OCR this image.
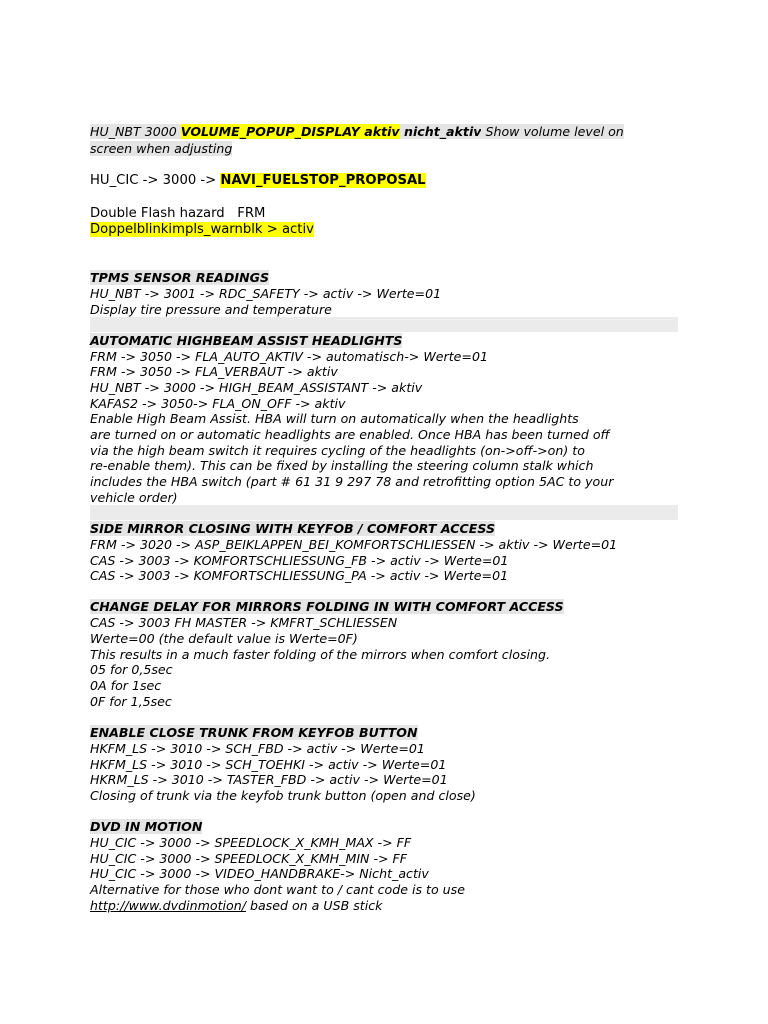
HU_NBT 3000 VOLUME_POPUP_DISPLAY aktiv nicht_aktiv Show volume level on
screen when adjusting
HU_CIC -> 3000 -> NAVI_FUELSTOP_PROPOSAL
Double Flash hazard   FRM
Doppelblinkimpls_warnblk > activ
TPMS SENSOR READINGS
HU_NBT -> 3001 -> RDC_SAFETY -> activ -> Werte=01
Display tire pressure and temperature
AUTOMATIC HIGHBEAM ASSIST HEADLIGHTS
FRM -> 3050 -> FLA_AUTO_AKTIV -> automatisch-> Werte=01
FRM -> 3050 -> FLA_VERBAUT -> aktiv
HU_NBT -> 3000 -> HIGH_BEAM_ASSISTANT -> aktiv
KAFAS2 -> 3050-> FLA_ON_OFF -> aktiv
Enable High Beam Assist. HBA will turn on automatically when the headlights
are turned on or automatic headlights are enabled. Once HBA has been turned off
via the high beam switch it requires cycling of the headlights (on->off->on) to
re-enable them). This can be fixed by installing the steering column stalk which
includes the HBA switch (part # 61 31 9 297 78 and retrofitting option 5AC to your
vehicle order)
SIDE MIRROR CLOSING WITH KEYFOB / COMFORT ACCESS
FRM -> 3020 -> ASP_BEIKLAPPEN_BEI_KOMFORTSCHLIESSEN -> aktiv -> Werte=01
CAS -> 3003 -> KOMFORTSCHLIESSUNG_FB -> activ -> Werte=01
CAS -> 3003 -> KOMFORTSCHLIESSUNG_PA -> activ -> Werte=01
CHANGE DELAY FOR MIRRORS FOLDING IN WITH COMFORT ACCESS
CAS -> 3003 FH MASTER -> KMFRT_SCHLIESSEN
Werte=00 (the default value is Werte=0F)
This results in a much faster folding of the mirrors when comfort closing.
05 for 0,5sec
0A for 1sec
0F for 1,5sec
ENABLE CLOSE TRUNK FROM KEYFOB BUTTON
HKFM_LS -> 3010 -> SCH_FBD -> activ -> Werte=01
HKFM_LS -> 3010 -> SCH_TOEHKI -> activ -> Werte=01
HKRM_LS -> 3010 -> TASTER_FBD -> activ -> Werte=01
Closing of trunk via the keyfob trunk button (open and close)
DVD IN MOTION
HU_CIC -> 3000 -> SPEEDLOCK_X_KMH_MAX -> FF
HU_CIC -> 3000 -> SPEEDLOCK_X_KMH_MIN -> FF
HU_CIC -> 3000 -> VIDEO_HANDBRAKE-> Nicht_activ
Alternative for those who dont want to / cant code is to use
http://www.dvdinmotion/ based on a USB stick
